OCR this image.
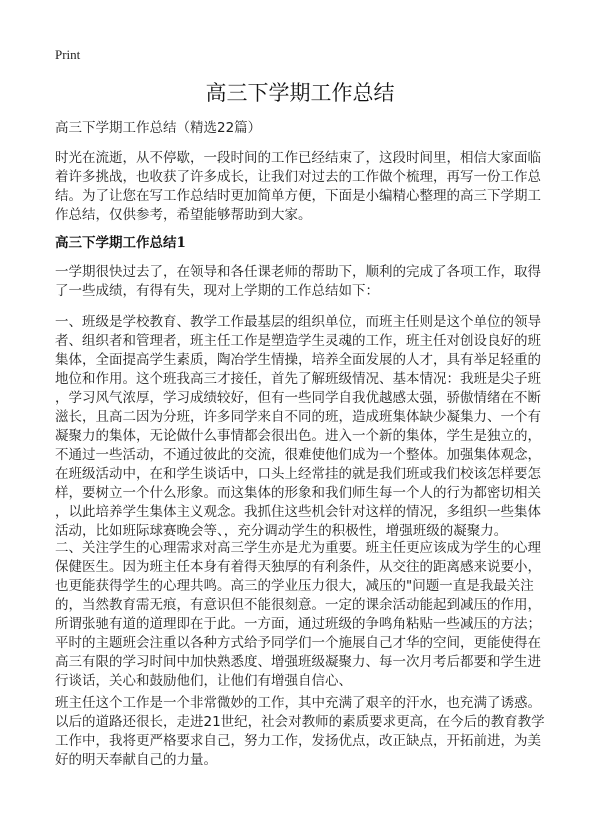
Print
高三下学期工作总结
高三下学期工作总结（精选22篇）
时光在流逝，从不停歇，一段时间的工作已经结束了，这段时间里，相信大家面临
着许多挑战，也收获了许多成长，让我们对过去的工作做个梳理，再写一份工作总
结。为了让您在写工作总结时更加简单方便，下面是小编精心整理的高三下学期工
作总结，仅供参考，希望能够帮助到大家。
高三下学期工作总结1
一学期很快过去了，在领导和各任课老师的帮助下，顺利的完成了各项工作，取得
了一些成绩，有得有失，现对上学期的工作总结如下：
一、班级是学校教育、教学工作最基层的组织单位，而班主任则是这个单位的领导
者、组织者和管理者，班主任工作是塑造学生灵魂的工作，班主任对创设良好的班
集体，全面提高学生素质，陶冶学生情操，培养全面发展的人才，具有举足轻重的
地位和作用。这个班我高三才接任，首先了解班级情况、基本情况：我班是尖子班
，学习风气浓厚，学习成绩较好，但有一些同学自我优越感太强，骄傲情绪在不断
滋长，且高二因为分班，许多同学来自不同的班，造成班集体缺少凝集力、一个有
凝聚力的集体，无论做什么事情都会很出色。进入一个新的集体，学生是独立的，
不通过一些活动，不通过彼此的交流，很难使他们成为一个整体。加强集体观念，
在班级活动中，在和学生谈话中，口头上经常挂的就是我们班或我们校该怎样要怎
样，要树立一个什么形象。而这集体的形象和我们师生每一个人的行为都密切相关
，以此培养学生集体主义观念。我抓住这些机会针对这样的情况，多组织一些集体
活动，比如班际球赛晚会等、，充分调动学生的积极性，增强班级的凝聚力。
二、关注学生的心理需求对高三学生亦是尤为重要。班主任更应该成为学生的心理
保健医生。因为班主任本身有着得天独厚的有利条件，从交往的距离感来说要小，
也更能获得学生的心理共鸣。高三的学业压力很大，减压的"问题一直是我最关注
的，当然教育需无痕，有意识但不能很刻意。一定的课余活动能起到减压的作用，
所谓张驰有道的道理即在于此。一方面，通过班级的争鸣角粘贴一些减压的方法；
平时的主题班会注重以各种方式给予同学们一个施展自己才华的空间，更能使得在
高三有限的学习时间中加快熟悉度、增强班级凝聚力、每一次月考后都要和学生进
行谈话，关心和鼓励他们，让他们有增强自信心、
班主任这个工作是一个非常微妙的工作，其中充满了艰辛的汗水，也充满了诱惑。
以后的道路还很长，走进21世纪，社会对教师的素质要求更高，在今后的教育教学
工作中，我将更严格要求自己，努力工作，发扬优点，改正缺点，开拓前进，为美
好的明天奉献自己的力量。
